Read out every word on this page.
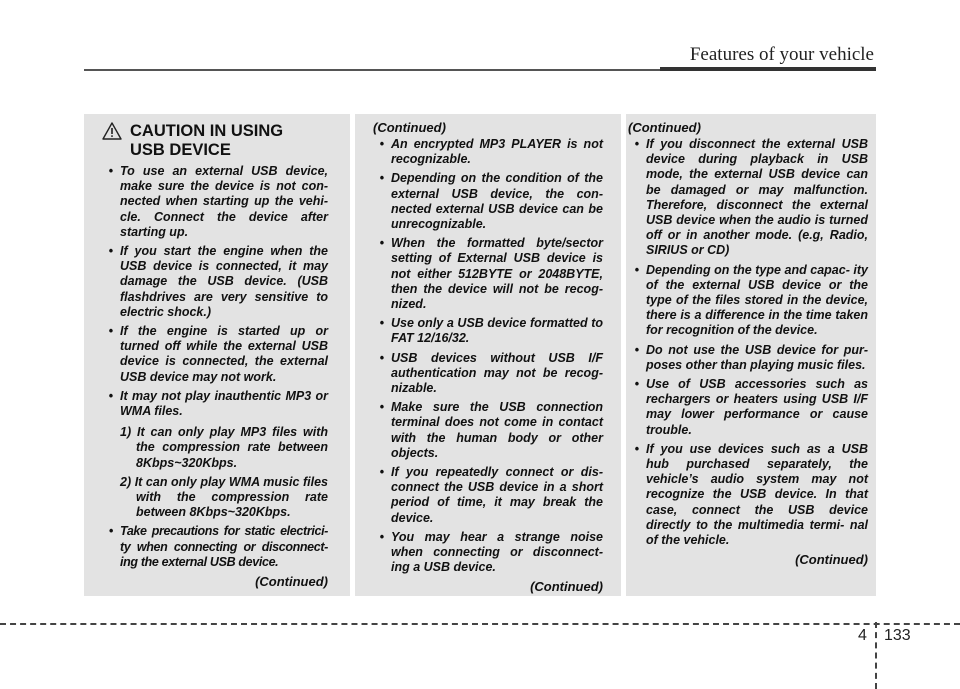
Features of your vehicle
CAUTION IN USING
USB DEVICE
• To use an external USB device, make sure the device is not con- nected when starting up the vehi- cle. Connect the device after starting up.
• If you start the engine when the USB device is connected, it may damage the USB device. (USB flashdrives are very sensitive to electric shock.)
• If the engine is started up or turned off while the external USB device is connected, the external USB device may not work.
• It may not play inauthentic MP3 or WMA files.
1) It can only play MP3 files with the compression rate between 8Kbps~320Kbps.
2) It can only play WMA music files with the compression rate between 8Kbps~320Kbps.
• Take precautions for static electrici- ty when connecting or disconnect- ing the external USB device.
(Continued)
(Continued)
• An encrypted MP3 PLAYER is not recognizable.
• Depending on the condition of the external USB device, the con- nected external USB device can be unrecognizable.
• When the formatted byte/sector setting of External USB device is not either 512BYTE or 2048BYTE, then the device will not be recog- nized.
• Use only a USB device formatted to FAT 12/16/32.
• USB devices without USB I/F authentication may not be recog- nizable.
• Make sure the USB connection terminal does not come in contact with the human body or other objects.
• If you repeatedly connect or dis- connect the USB device in a short period of time, it may break the device.
• You may hear a strange noise when connecting or disconnect- ing a USB device.
(Continued)
(Continued)
• If you disconnect the external USB device during playback in USB mode, the external USB device can be damaged or may malfunction. Therefore, disconnect the external USB device when the audio is turned off or in another mode. (e.g, Radio, SIRIUS or CD)
• Depending on the type and capac- ity of the external USB device or the type of the files stored in the device, there is a difference in the time taken for recognition of the device.
• Do not use the USB device for pur- poses other than playing music files.
• Use of USB accessories such as rechargers or heaters using USB I/F may lower performance or cause trouble.
• If you use devices such as a USB hub purchased separately, the vehicle’s audio system may not recognize the USB device. In that case, connect the USB device directly to the multimedia termi- nal of the vehicle.
(Continued)
4 133
